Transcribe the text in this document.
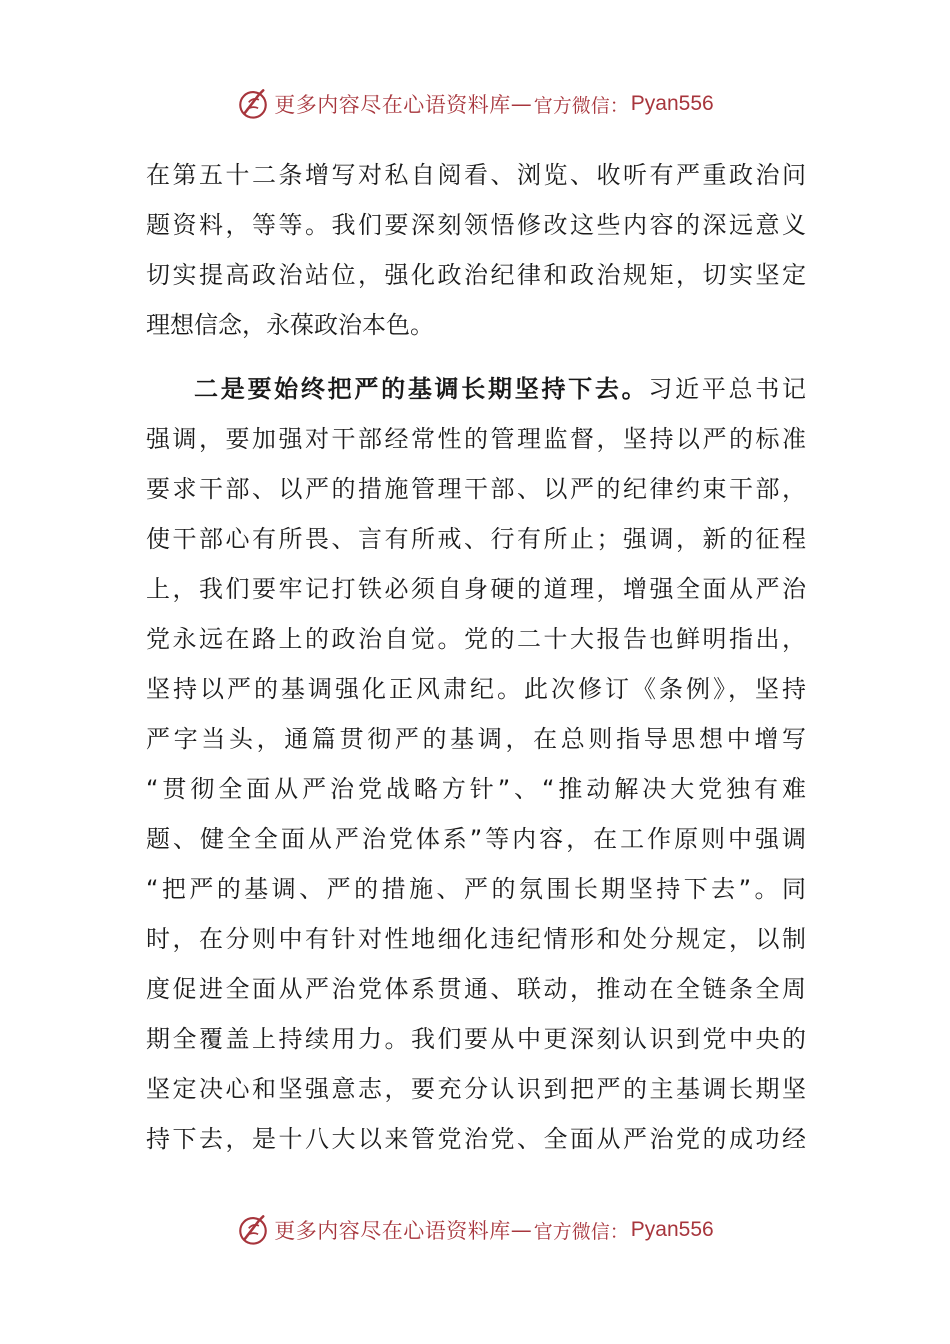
更多内容尽在心语资料库 — 官方微信： Pyan556
在第五十二条增写对私自阅看、浏览、收听有严重政治问
题资料，等等。我们要深刻领悟修改这些内容的深远意义
切实提高政治站位，强化政治纪律和政治规矩，切实坚定
理想信念，永葆政治本色。
二是要始终把严的基调长期坚持下去。习近平总书记
强调，要加强对干部经常性的管理监督，坚持以严的标准
要求干部、以严的措施管理干部、以严的纪律约束干部，
使干部心有所畏、言有所戒、行有所止；强调，新的征程
上，我们要牢记打铁必须自身硬的道理，增强全面从严治
党永远在路上的政治自觉。党的二十大报告也鲜明指出，
坚持以严的基调强化正风肃纪。此次修订《条例》，坚持
严字当头，通篇贯彻严的基调，在总则指导思想中增写
“贯彻全面从严治党战略方针”、“推动解决大党独有难
题、健全全面从严治党体系”等内容，在工作原则中强调
“把严的基调、严的措施、严的氛围长期坚持下去”。同
时，在分则中有针对性地细化违纪情形和处分规定，以制
度促进全面从严治党体系贯通、联动，推动在全链条全周
期全覆盖上持续用力。我们要从中更深刻认识到党中央的
坚定决心和坚强意志，要充分认识到把严的主基调长期坚
持下去，是十八大以来管党治党、全面从严治党的成功经
更多内容尽在心语资料库 — 官方微信： Pyan556
